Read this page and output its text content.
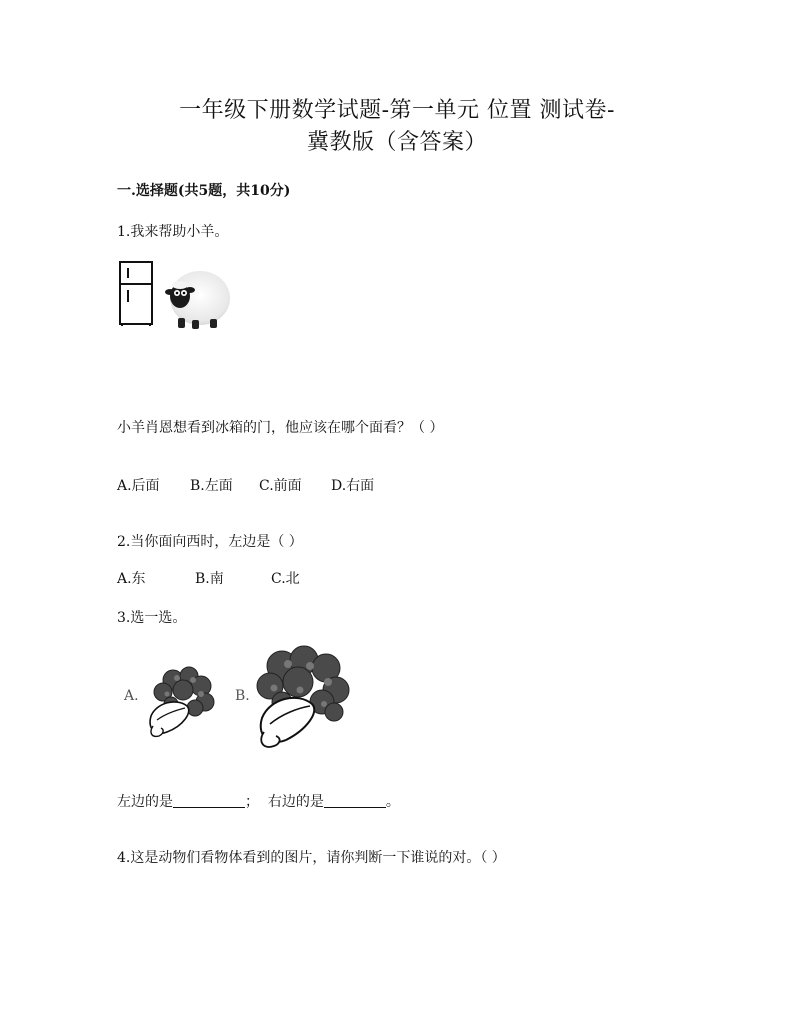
一年级下册数学试题-第一单元 位置 测试卷-
冀教版（含答案）
一.选择题(共5题，共10分)
1.我来帮助小羊。
小羊肖恩想看到冰箱的门，他应该在哪个面看？（ ）
A.后面 B.左面 C.前面 D.右面
2.当你面向西时，左边是（ ）
A.东	B.南	C.北
3.选一选。
A.	B.
左边的是	； 右边的是	。
4.这是动物们看物体看到的图片，请你判断一下谁说的对。（ ）
